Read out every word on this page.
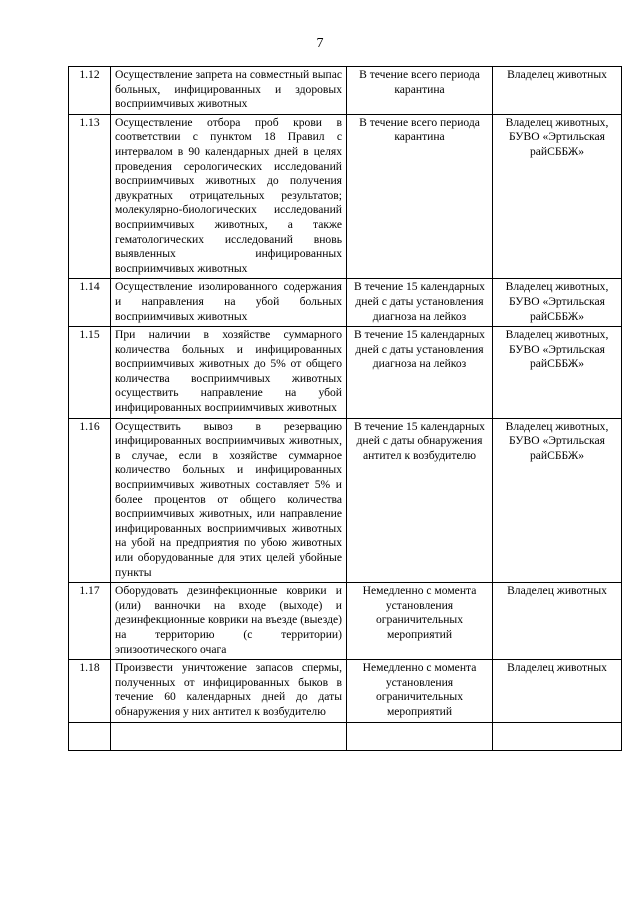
7
1.12	Осуществление запрета на совместный выпас больных, инфицированных и здоровых восприимчивых животных	В течение всего периода карантина	Владелец животных
1.13	Осуществление отбора проб крови в соответствии с пунктом 18 Правил с интервалом в 90 календарных дней в целях проведения серологических исследований восприимчивых животных до получения двукратных отрицательных результатов; молекулярно-биологических исследований восприимчивых животных, а также гематологических исследований вновь выявленных инфицированных восприимчивых животных	В течение всего периода карантина	Владелец животных, БУВО «Эртильская райСББЖ»
1.14	Осуществление изолированного содержания и направления на убой больных восприимчивых животных	В течение 15 календарных дней с даты установления диагноза на лейкоз	Владелец животных, БУВО «Эртильская райСББЖ»
1.15	При наличии в хозяйстве суммарного количества больных и инфицированных восприимчивых животных до 5% от общего количества восприимчивых животных осуществить направление на убой инфицированных восприимчивых животных	В течение 15 календарных дней с даты установления диагноза на лейкоз	Владелец животных, БУВО «Эртильская райСББЖ»
1.16	Осуществить вывоз в резервацию инфицированных восприимчивых животных, в случае, если в хозяйстве суммарное количество больных и инфицированных восприимчивых животных составляет 5% и более процентов от общего количества восприимчивых животных, или направление инфицированных восприимчивых животных на убой на предприятия по убою животных или оборудованные для этих целей убойные пункты	В течение 15 календарных дней с даты обнаружения антител к возбудителю	Владелец животных, БУВО «Эртильская райСББЖ»
1.17	Оборудовать дезинфекционные коврики и (или) ванночки на входе (выходе) и дезинфекционные коврики на въезде (выезде) на территорию (с территории) эпизоотического очага	Немедленно с момента установления ограничительных мероприятий	Владелец животных
1.18	Произвести уничтожение запасов спермы, полученных от инфицированных быков в течение 60 календарных дней до даты обнаружения у них антител к возбудителю	Немедленно с момента установления ограничительных мероприятий	Владелец животных
